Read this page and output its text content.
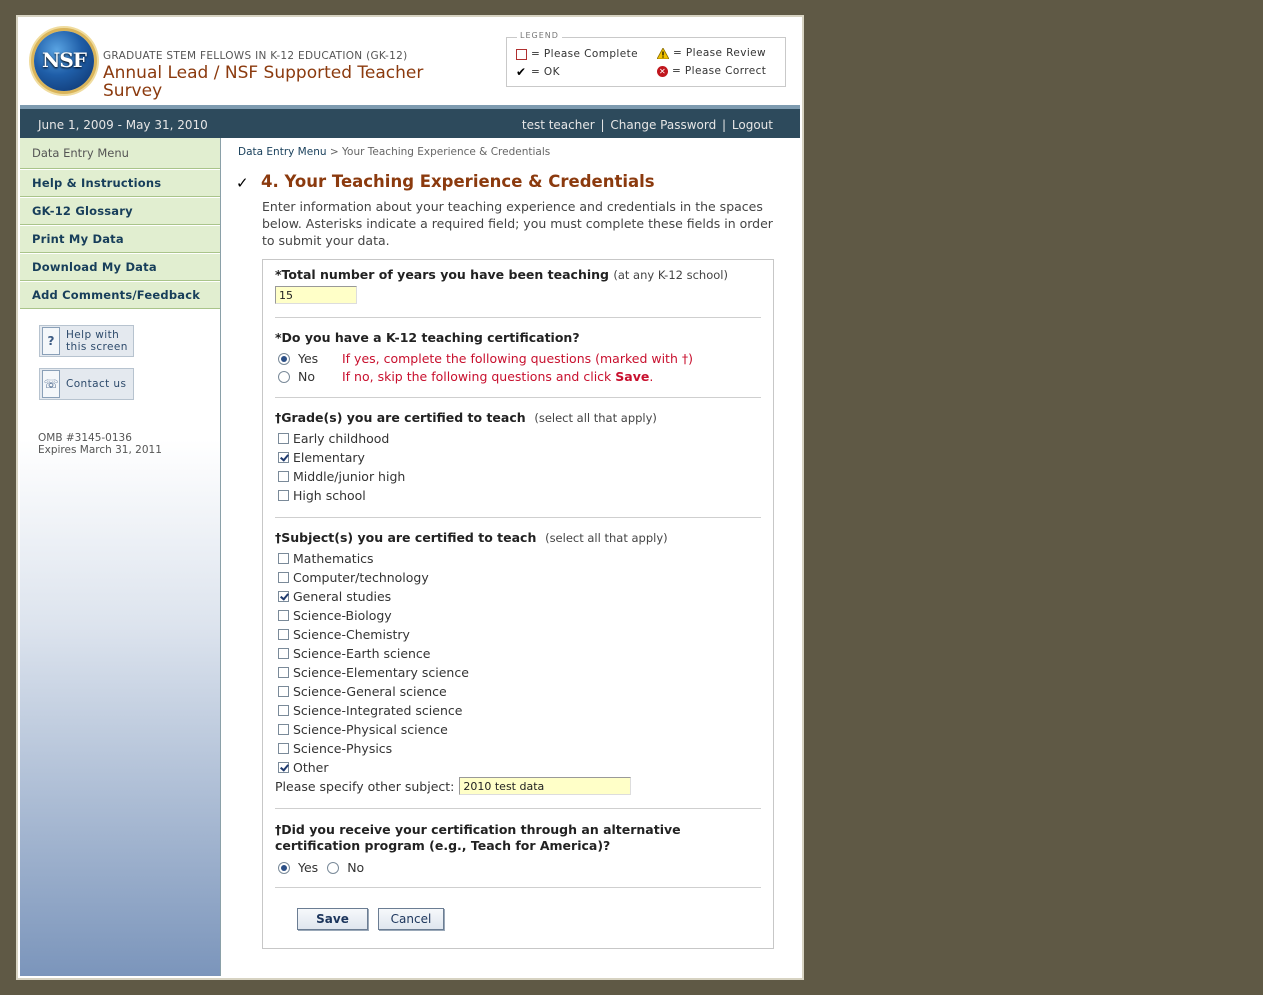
NSF	GRADUATE STEM FELLOWS IN K-12 EDUCATION (GK-12)
Annual Lead / NSF Supported Teacher Survey
LEGEND
= Please Complete	= Please Review
✔ = OK	✕ = Please Correct
June 1, 2009 - May 31, 2010	test teacher | Change Password | Logout
Data Entry Menu
Help & Instructions
GK-12 Glossary
Print My Data
Download My Data
Add Comments/Feedback
?	Help with
this screen
☏ Contact us
OMB #3145-0136
Expires March 31, 2011
Data Entry Menu > Your Teaching Experience & Credentials
✓ 4. Your Teaching Experience & Credentials
Enter information about your teaching experience and credentials in the spaces below. Asterisks indicate a required field; you must complete these fields in order to submit your data.
*Total number of years you have been teaching (at any K-12 school)
15
*Do you have a K-12 teaching certification?
Yes	If yes, complete the following questions (marked with †)
No	If no, skip the following questions and click Save.
†Grade(s) you are certified to teach (select all that apply)
Early childhood
Elementary
Middle/junior high
High school
†Subject(s) you are certified to teach (select all that apply)
Mathematics
Computer/technology
General studies
Science-Biology
Science-Chemistry
Science-Earth science
Science-Elementary science
Science-General science
Science-Integrated science
Science-Physical science
Science-Physics
Other
Please specify other subject:
2010 test data
†Did you receive your certification through an alternative certification program (e.g., Teach for America)?
Yes No
Save	Cancel
